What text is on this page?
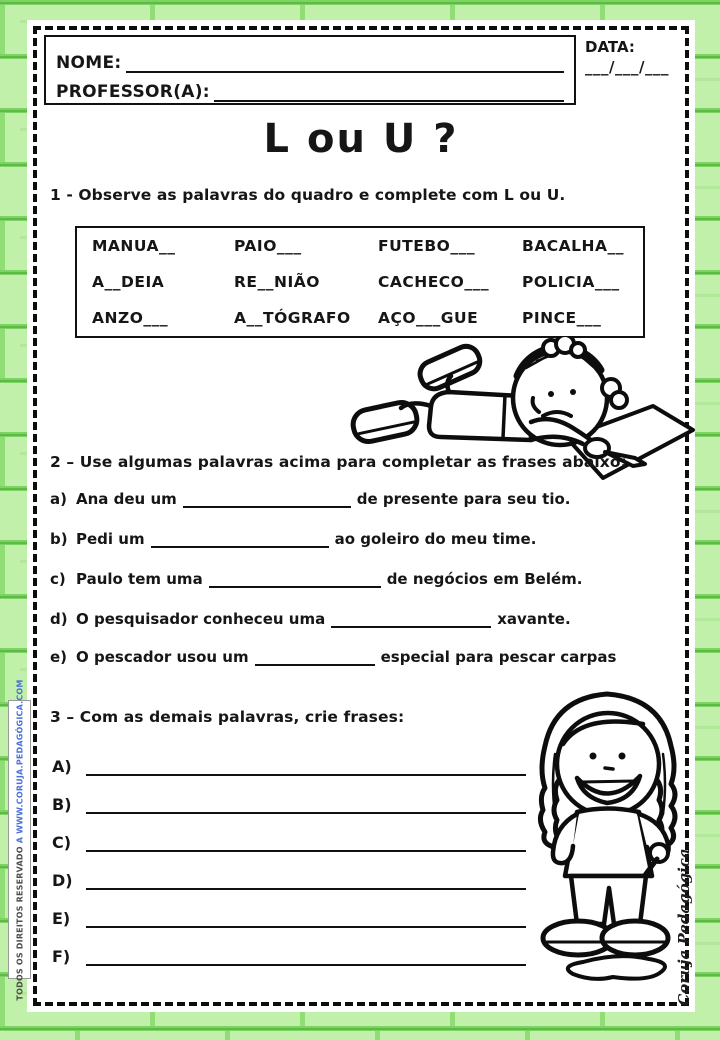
NOME:
PROFESSOR(A):
DATA:
___/___/___
L ou U ?
1 - Observe as palavras do quadro e complete com L ou U.
MANUA__	PAIO___	FUTEBO___	BACALHA__
A__DEIA	RE__NIÃO	CACHECO___	POLICIA___
ANZO___	A__TÓGRAFO	AÇO___GUE	PINCE___
2 – Use algumas palavras acima para completar as frases abaixo:
a) Ana deu um	de presente para seu tio.
b) Pedi um	ao goleiro do meu time.
c) Paulo tem uma	de negócios em Belém.
d) O pesquisador conheceu uma	xavante.
e) O pescador usou um	especial para pescar carpas
3 – Com as demais palavras, crie frases:
A)
B)
C)
D)
E)
F)	Coruja Pedagógica
TODOS OS DIREITOS RESERVADO A WWW.CORUJA.PEDAGÓGICA.COM
